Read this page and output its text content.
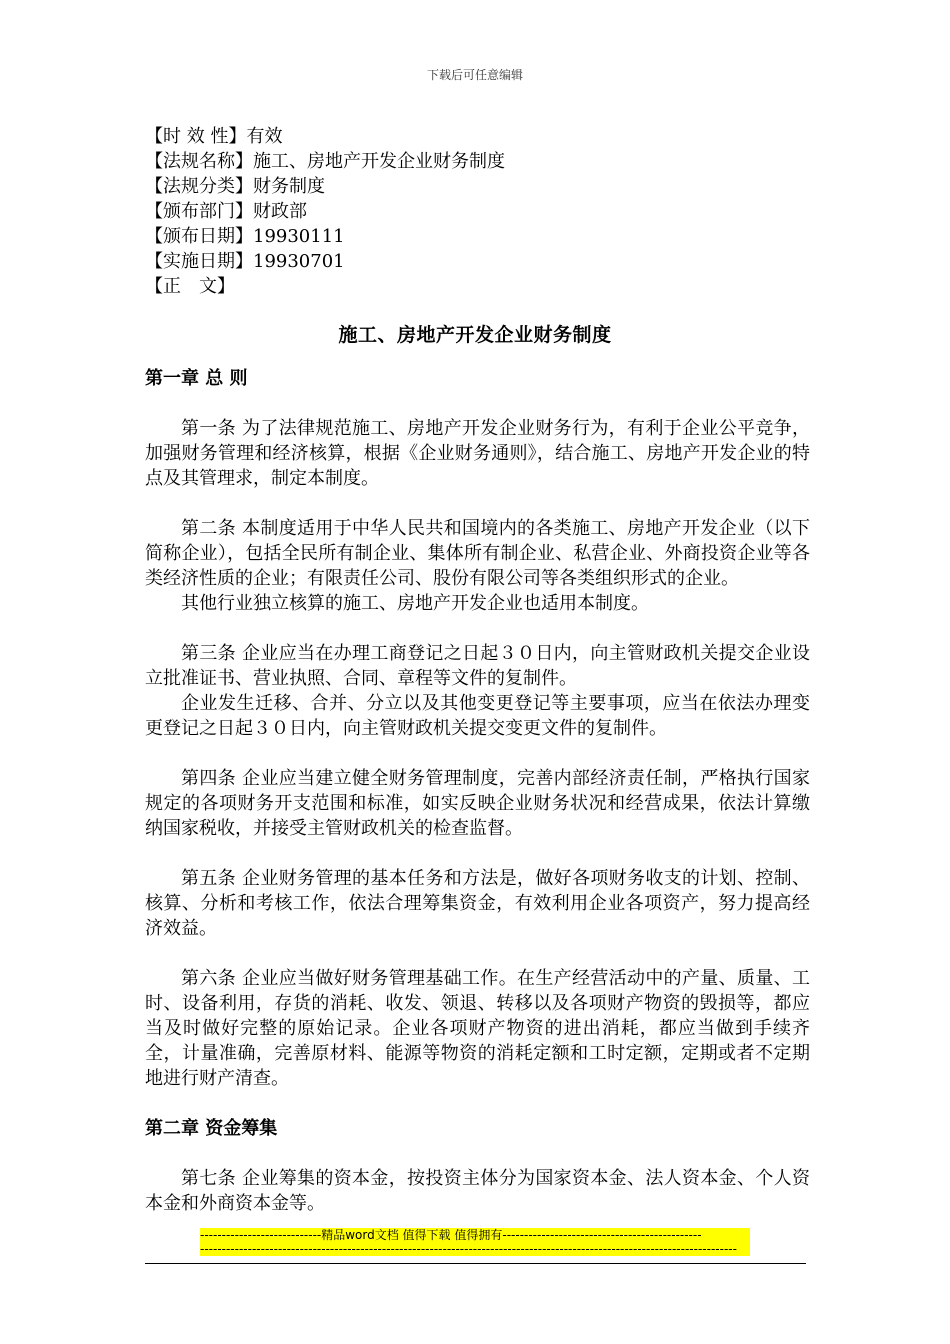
下载后可任意编辑
【时 效 性】有效
【法规名称】施工、房地产开发企业财务制度
【法规分类】财务制度
【颁布部门】财政部
【颁布日期】19930111
【实施日期】19930701
【正　文】
施工、房地产开发企业财务制度
第一章 总 则

第一条 为了法律规范施工、房地产开发企业财务行为，有利于企业公平竞争，加强财务管理和经济核算，根据《企业财务通则》，结合施工、房地产开发企业的特点及其管理求，制定本制度。

第二条 本制度适用于中华人民共和国境内的各类施工、房地产开发企业（以下简称企业），包括全民所有制企业、集体所有制企业、私营企业、外商投资企业等各类经济性质的企业；有限责任公司、股份有限公司等各类组织形式的企业。

其他行业独立核算的施工、房地产开发企业也适用本制度。

第三条 企业应当在办理工商登记之日起３０日内，向主管财政机关提交企业设立批准证书、营业执照、合同、章程等文件的复制件。

企业发生迁移、合并、分立以及其他变更登记等主要事项，应当在依法办理变更登记之日起３０日内，向主管财政机关提交变更文件的复制件。

第四条 企业应当建立健全财务管理制度，完善内部经济责任制，严格执行国家规定的各项财务开支范围和标准，如实反映企业财务状况和经营成果，依法计算缴纳国家税收，并接受主管财政机关的检查监督。

第五条 企业财务管理的基本任务和方法是，做好各项财务收支的计划、控制、核算、分析和考核工作，依法合理筹集资金，有效利用企业各项资产，努力提高经济效益。

第六条 企业应当做好财务管理基础工作。在生产经营活动中的产量、质量、工时、设备利用，存货的消耗、收发、领退、转移以及各项财产物资的毁损等，都应当及时做好完整的原始记录。企业各项财产物资的进出消耗，都应当做到手续齐全，计量准确，完善原材料、能源等物资的消耗定额和工时定额，定期或者不定期地进行财产清查。

第二章 资金筹集

第七条 企业筹集的资本金，按投资主体分为国家资本金、法人资本金、个人资本金和外商资本金等。

----------------------------精品word文档 值得下载 值得拥有----------------------------------------------
----------------------------------------------------------------------------------------------------------------------------
